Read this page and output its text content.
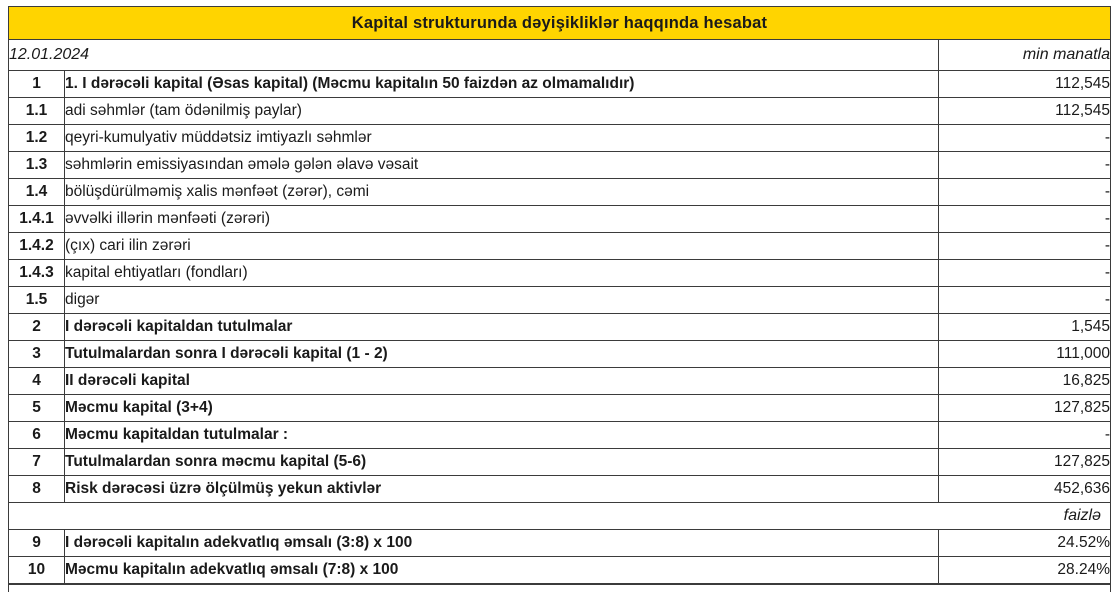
Kapital strukturunda dəyişikliklər haqqında hesabat		
12.01.2024		min manatla
1	1. I dərəcəli kapital (Əsas kapital) (Məcmu kapitalın 50 faizdən az olmamalıdır)	112,545
1.1	adi səhmlər (tam ödənilmiş paylar)	112,545
1.2	qeyri-kumulyativ müddətsiz imtiyazlı səhmlər	-
1.3	səhmlərin emissiyasından əmələ gələn əlavə vəsait	-
1.4	bölüşdürülməmiş xalis mənfəət (zərər), cəmi	-
1.4.1	əvvəlki illərin mənfəəti (zərəri)	-
1.4.2	(çıx) cari ilin zərəri	-
1.4.3	kapital ehtiyatları (fondları)	-
1.5	digər	-
2	I dərəcəli kapitaldan tutulmalar	1,545
3	Tutulmalardan sonra I dərəcəli kapital (1 - 2)	111,000
4	II dərəcəli kapital	16,825
5	Məcmu kapital (3+4)	127,825
6	Məcmu kapitaldan tutulmalar :	-
7	Tutulmalardan sonra məcmu kapital (5-6)	127,825
8	Risk dərəcəsi üzrə ölçülmüş yekun aktivlər	452,636
faizlə		
9	I dərəcəli kapitalın adekvatlıq əmsalı (3:8) x 100	24.52%
10	Məcmu kapitalın adekvatlıq əmsalı (7:8) x 100	28.24%
